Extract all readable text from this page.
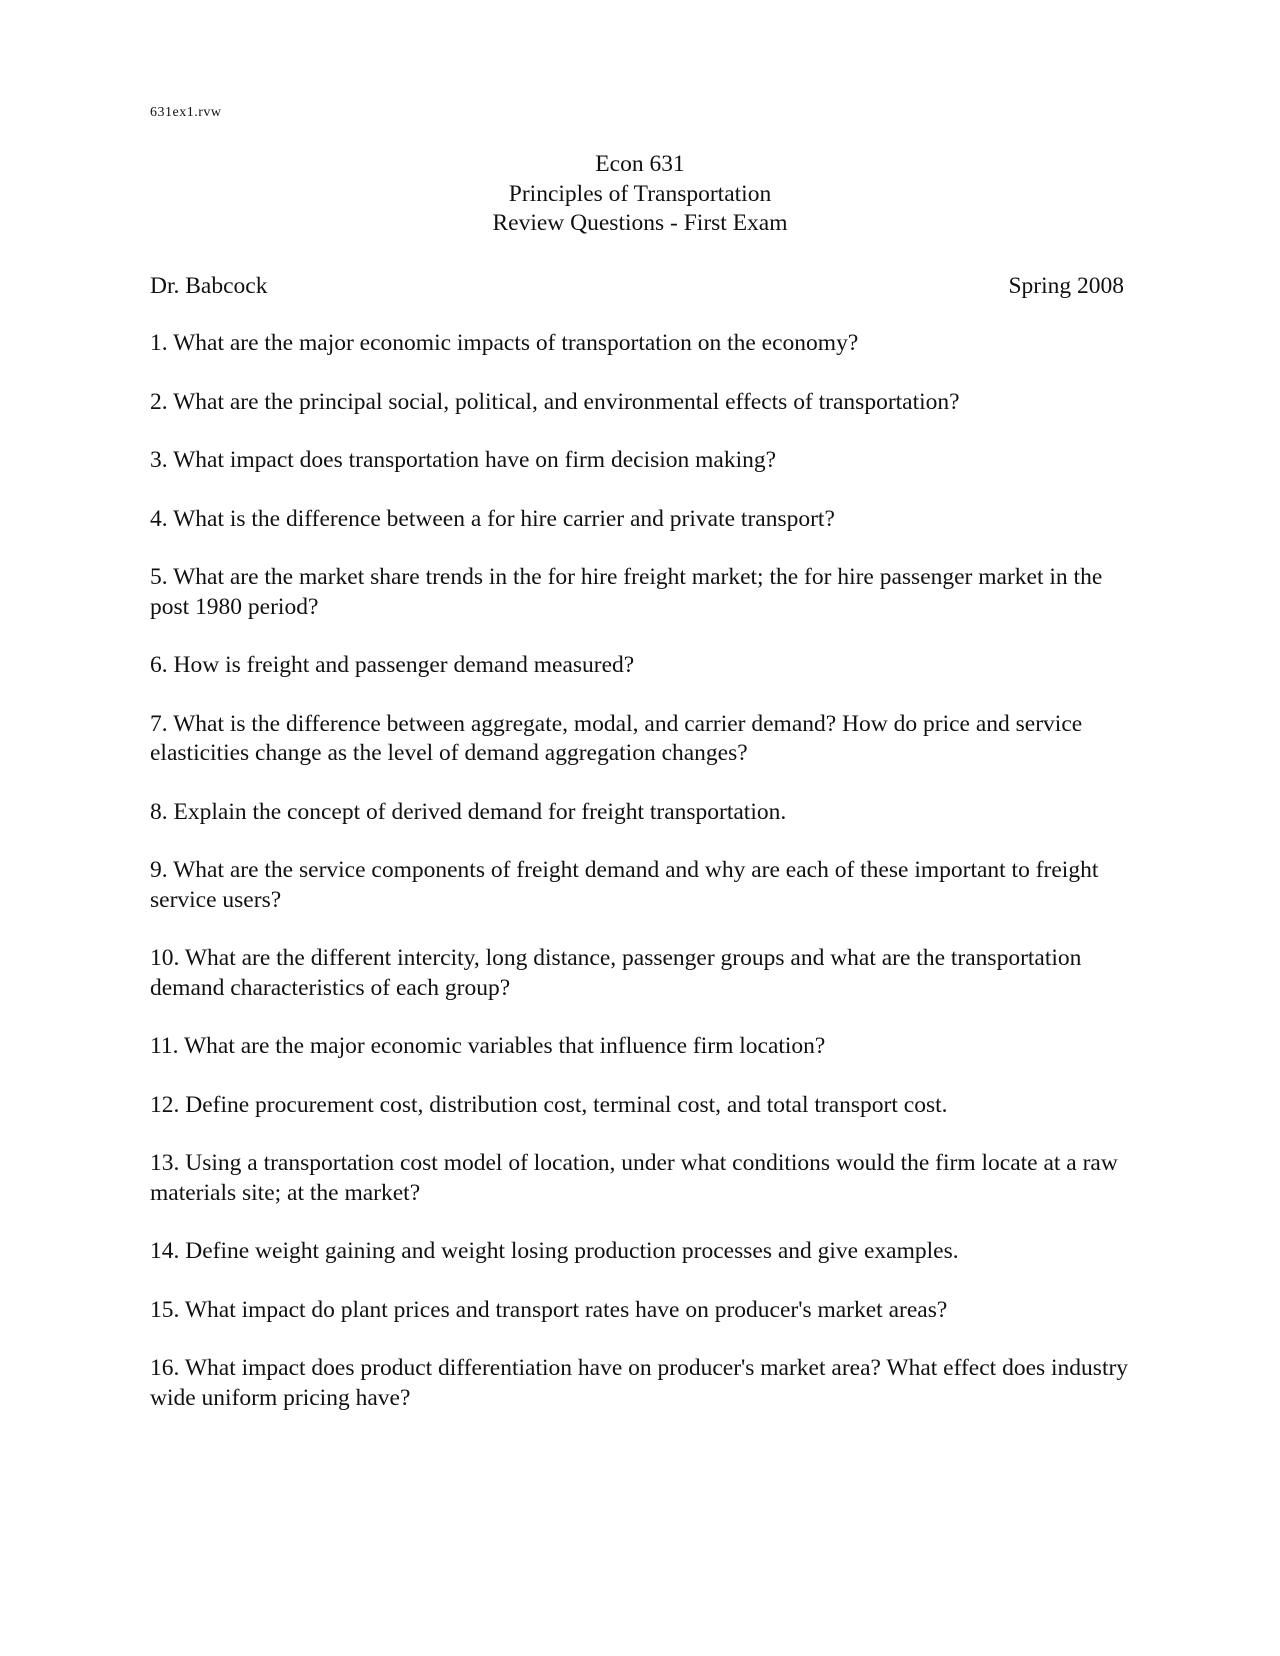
631ex1.rvw
Econ 631
Principles of Transportation
Review Questions - First Exam
Dr. Babcock	Spring 2008

1. What are the major economic impacts of transportation on the economy?

2. What are the principal social, political, and environmental effects of transportation?

3. What impact does transportation have on firm decision making?

4. What is the difference between a for hire carrier and private transport?

5. What are the market share trends in the for hire freight market; the for hire passenger market in the post 1980 period?

6. How is freight and passenger demand measured?

7. What is the difference between aggregate, modal, and carrier demand? How do price and service elasticities change as the level of demand aggregation changes?

8. Explain the concept of derived demand for freight transportation.

9. What are the service components of freight demand and why are each of these important to freight service users?

10. What are the different intercity, long distance, passenger groups and what are the transportation demand characteristics of each group?

11. What are the major economic variables that influence firm location?

12. Define procurement cost, distribution cost, terminal cost, and total transport cost.

13. Using a transportation cost model of location, under what conditions would the firm locate at a raw materials site; at the market?

14. Define weight gaining and weight losing production processes and give examples.

15. What impact do plant prices and transport rates have on producer's market areas?

16. What impact does product differentiation have on producer's market area? What effect does industry wide uniform pricing have?
